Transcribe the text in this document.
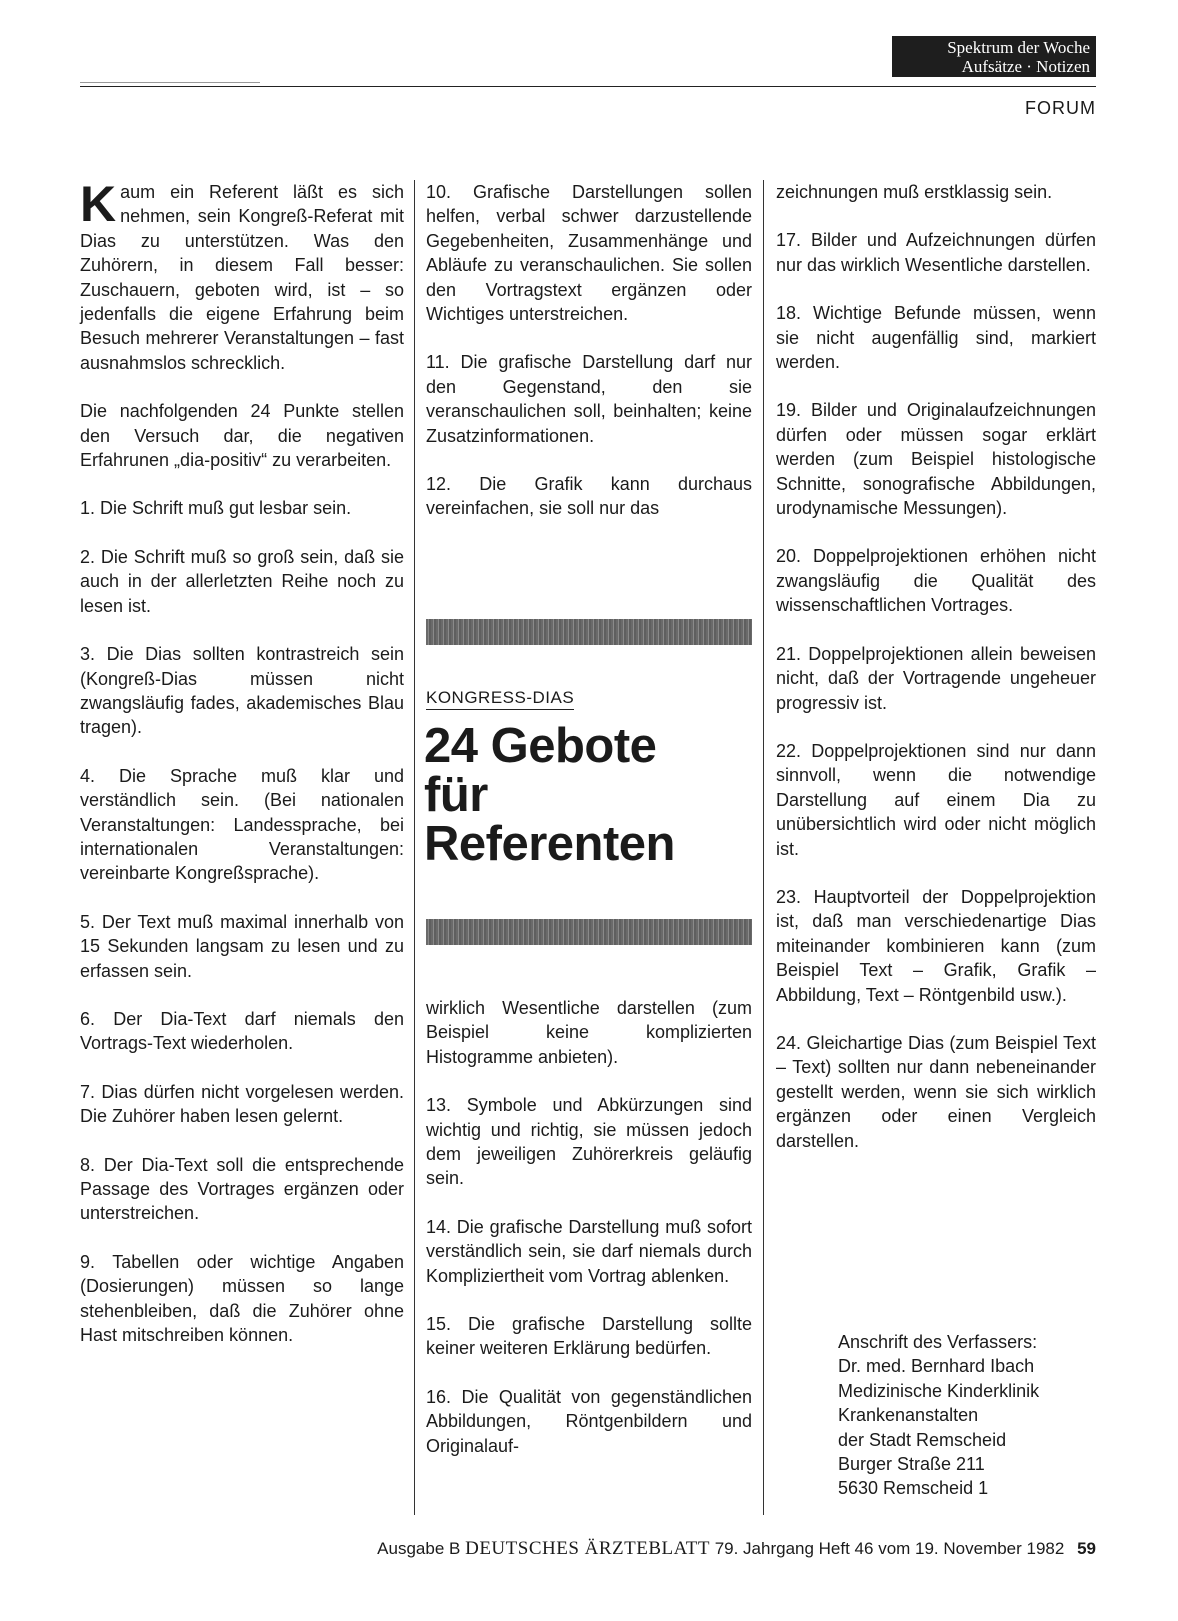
Spektrum der Woche
Aufsätze · Notizen
FORUM

Kaum ein Referent läßt es sich nehmen, sein Kongreß-Referat mit Dias zu unterstützen. Was den Zuhörern, in diesem Fall besser: Zuschauern, geboten wird, ist – so jedenfalls die eigene Erfahrung beim Besuch mehrerer Veranstaltungen – fast ausnahmslos schrecklich.

Die nachfolgenden 24 Punkte stellen den Versuch dar, die negativen Erfahrunen „dia-positiv“ zu verarbeiten.

1. Die Schrift muß gut lesbar sein.

2. Die Schrift muß so groß sein, daß sie auch in der allerletzten Reihe noch zu lesen ist.

3. Die Dias sollten kontrastreich sein (Kongreß-Dias müssen nicht zwangsläufig fades, akademisches Blau tragen).

4. Die Sprache muß klar und verständlich sein. (Bei nationalen Veranstaltungen: Landessprache, bei internationalen Veranstaltungen: vereinbarte Kongreßsprache).

5. Der Text muß maximal innerhalb von 15 Sekunden langsam zu lesen und zu erfassen sein.

6. Der Dia-Text darf niemals den Vortrags-Text wiederholen.

7. Dias dürfen nicht vorgelesen werden. Die Zuhörer haben lesen gelernt.

8. Der Dia-Text soll die entsprechende Passage des Vortrages ergänzen oder unterstreichen.

9. Tabellen oder wichtige Angaben (Dosierungen) müssen so lange stehenbleiben, daß die Zuhörer ohne Hast mitschreiben können.

10. Grafische Darstellungen sollen helfen, verbal schwer darzustellende Gegebenheiten, Zusammenhänge und Abläufe zu veranschaulichen. Sie sollen den Vortragstext ergänzen oder Wichtiges unterstreichen.

11. Die grafische Darstellung darf nur den Gegenstand, den sie veranschaulichen soll, beinhalten; keine Zusatzinformationen.

12. Die Grafik kann durchaus vereinfachen, sie soll nur das

KONGRESS-DIAS
24 Gebote
für
Referenten

wirklich Wesentliche darstellen (zum Beispiel keine komplizierten Histogramme anbieten).

13. Symbole und Abkürzungen sind wichtig und richtig, sie müssen jedoch dem jeweiligen Zuhörerkreis geläufig sein.

14. Die grafische Darstellung muß sofort verständlich sein, sie darf niemals durch Kompliziertheit vom Vortrag ablenken.

15. Die grafische Darstellung sollte keiner weiteren Erklärung bedürfen.

16. Die Qualität von gegenständlichen Abbildungen, Röntgenbildern und Originalauf-

zeichnungen muß erstklassig sein.

17. Bilder und Aufzeichnungen dürfen nur das wirklich Wesentliche darstellen.

18. Wichtige Befunde müssen, wenn sie nicht augenfällig sind, markiert werden.

19. Bilder und Originalaufzeichnungen dürfen oder müssen sogar erklärt werden (zum Beispiel histologische Schnitte, sonografische Abbildungen, urodynamische Messungen).

20. Doppelprojektionen erhöhen nicht zwangsläufig die Qualität des wissenschaftlichen Vortrages.

21. Doppelprojektionen allein beweisen nicht, daß der Vortragende ungeheuer progressiv ist.

22. Doppelprojektionen sind nur dann sinnvoll, wenn die notwendige Darstellung auf einem Dia zu unübersichtlich wird oder nicht möglich ist.

23. Hauptvorteil der Doppelprojektion ist, daß man verschiedenartige Dias miteinander kombinieren kann (zum Beispiel Text – Grafik, Grafik – Abbildung, Text – Röntgenbild usw.).

24. Gleichartige Dias (zum Beispiel Text – Text) sollten nur dann nebeneinander gestellt werden, wenn sie sich wirklich ergänzen oder einen Vergleich darstellen.

Anschrift des Verfassers:
Dr. med. Bernhard Ibach
Medizinische Kinderklinik
Krankenanstalten
der Stadt Remscheid
Burger Straße 211
5630 Remscheid 1
Ausgabe B DEUTSCHES ÄRZTEBLATT 79. Jahrgang Heft 46 vom 19. November 1982 59
